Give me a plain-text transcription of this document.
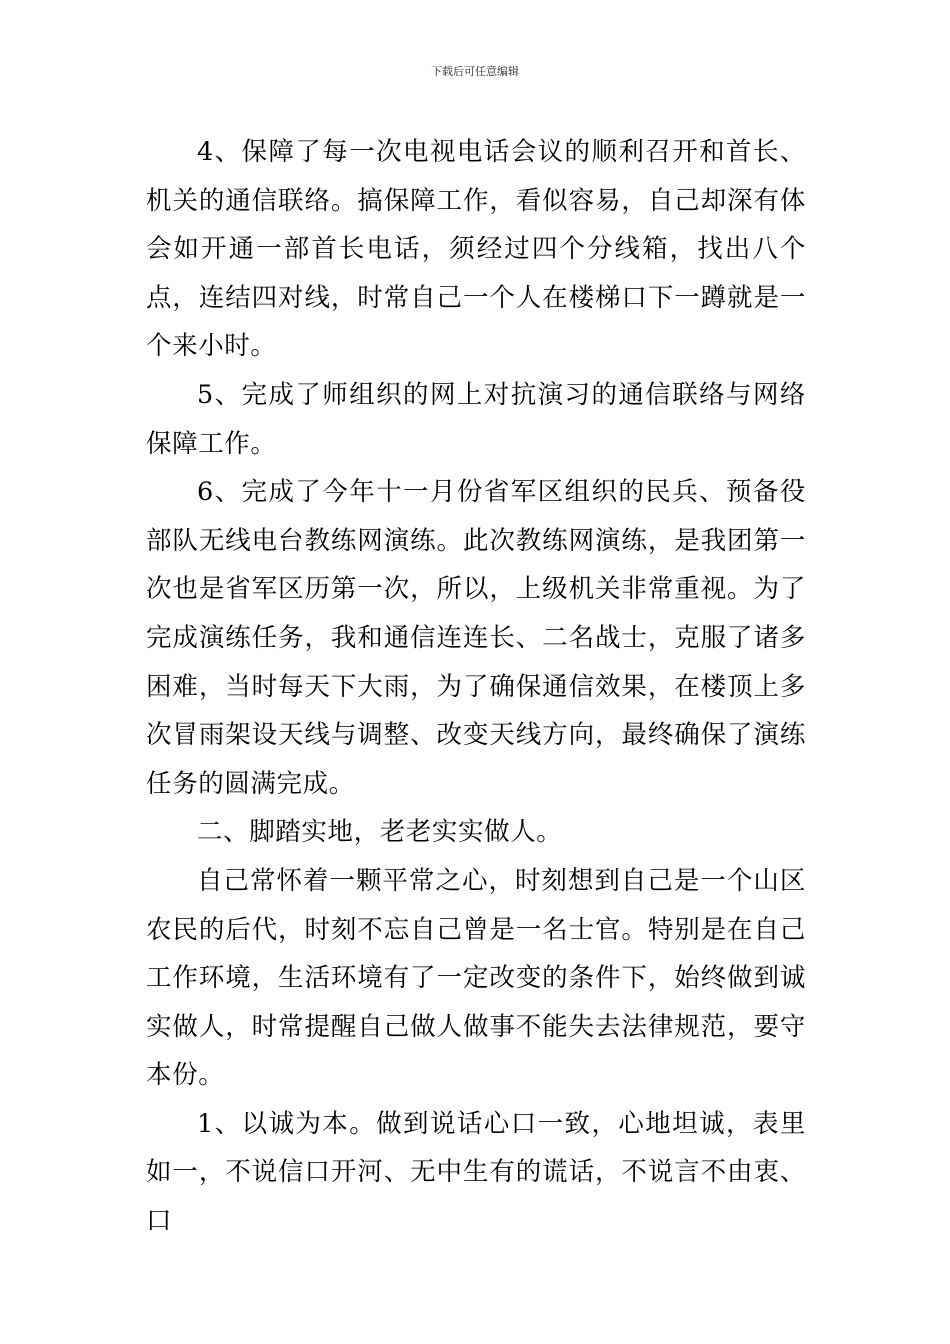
下载后可任意编辑

4、保障了每一次电视电话会议的顺利召开和首长、机关的通信联络。搞保障工作，看似容易，自己却深有体会如开通一部首长电话，须经过四个分线箱，找出八个点，连结四对线，时常自己一个人在楼梯口下一蹲就是一个来小时。

5、完成了师组织的网上对抗演习的通信联络与网络保障工作。

6、完成了今年十一月份省军区组织的民兵、预备役部队无线电台教练网演练。此次教练网演练，是我团第一次也是省军区历第一次，所以，上级机关非常重视。为了完成演练任务，我和通信连连长、二名战士，克服了诸多困难，当时每天下大雨，为了确保通信效果，在楼顶上多次冒雨架设天线与调整、改变天线方向，最终确保了演练任务的圆满完成。

二、脚踏实地，老老实实做人。

自己常怀着一颗平常之心，时刻想到自己是一个山区农民的后代，时刻不忘自己曾是一名士官。特别是在自己工作环境，生活环境有了一定改变的条件下，始终做到诚实做人，时常提醒自己做人做事不能失去法律规范，要守本份。

1、以诚为本。做到说话心口一致，心地坦诚，表里如一，不说信口开河、无中生有的谎话，不说言不由衷、口
